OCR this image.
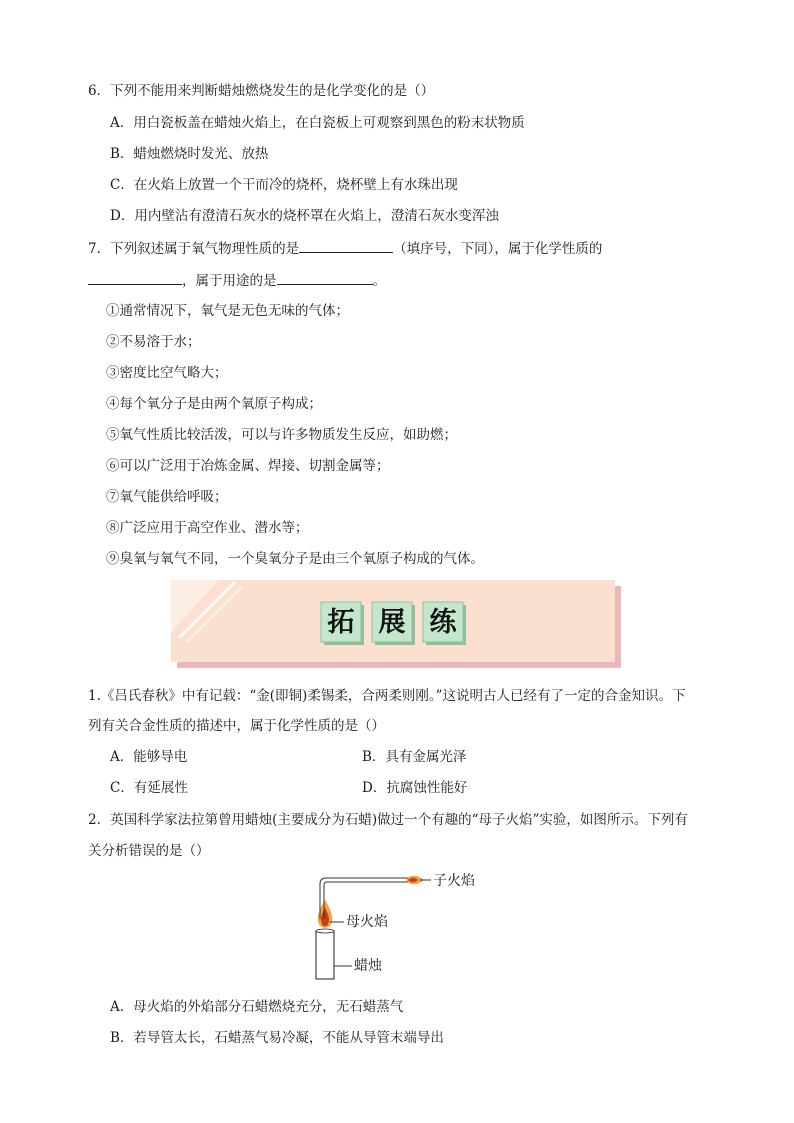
6．下列不能用来判断蜡烛燃烧发生的是化学变化的是（）
A．用白瓷板盖在蜡烛火焰上，在白瓷板上可观察到黑色的粉末状物质
B．蜡烛燃烧时发光、放热
C．在火焰上放置一个干而冷的烧杯，烧杯壁上有水珠出现
D．用内壁沾有澄清石灰水的烧杯罩在火焰上，澄清石灰水变浑浊
7．下列叙述属于氧气物理性质的是	（填序号，下同），属于化学性质的
，属于用途的是	。
①通常情况下，氧气是无色无味的气体；
②不易溶于水；
③密度比空气略大；
④每个氧分子是由两个氧原子构成；
⑤氧气性质比较活泼，可以与许多物质发生反应，如助燃；
⑥可以广泛用于冶炼金属、焊接、切割金属等；
⑦氧气能供给呼吸；
⑧广泛应用于高空作业、潜水等；
⑨臭氧与氧气不同，一个臭氧分子是由三个氧原子构成的气体。
拓 展 练
1.《吕氏春秋》中有记载：“金(即铜)柔锡柔，合两柔则刚。”这说明古人已经有了一定的合金知识。下
列有关合金性质的描述中，属于化学性质的是（）
A．能够导电	B．具有金属光泽
C．有延展性	D．抗腐蚀性能好
2．英国科学家法拉第曾用蜡烛(主要成分为石蜡)做过一个有趣的“母子火焰”实验，如图所示。下列有
关分析错误的是（）
子火焰
母火焰
蜡烛
A．母火焰的外焰部分石蜡燃烧充分，无石蜡蒸气
B．若导管太长，石蜡蒸气易冷凝，不能从导管末端导出
